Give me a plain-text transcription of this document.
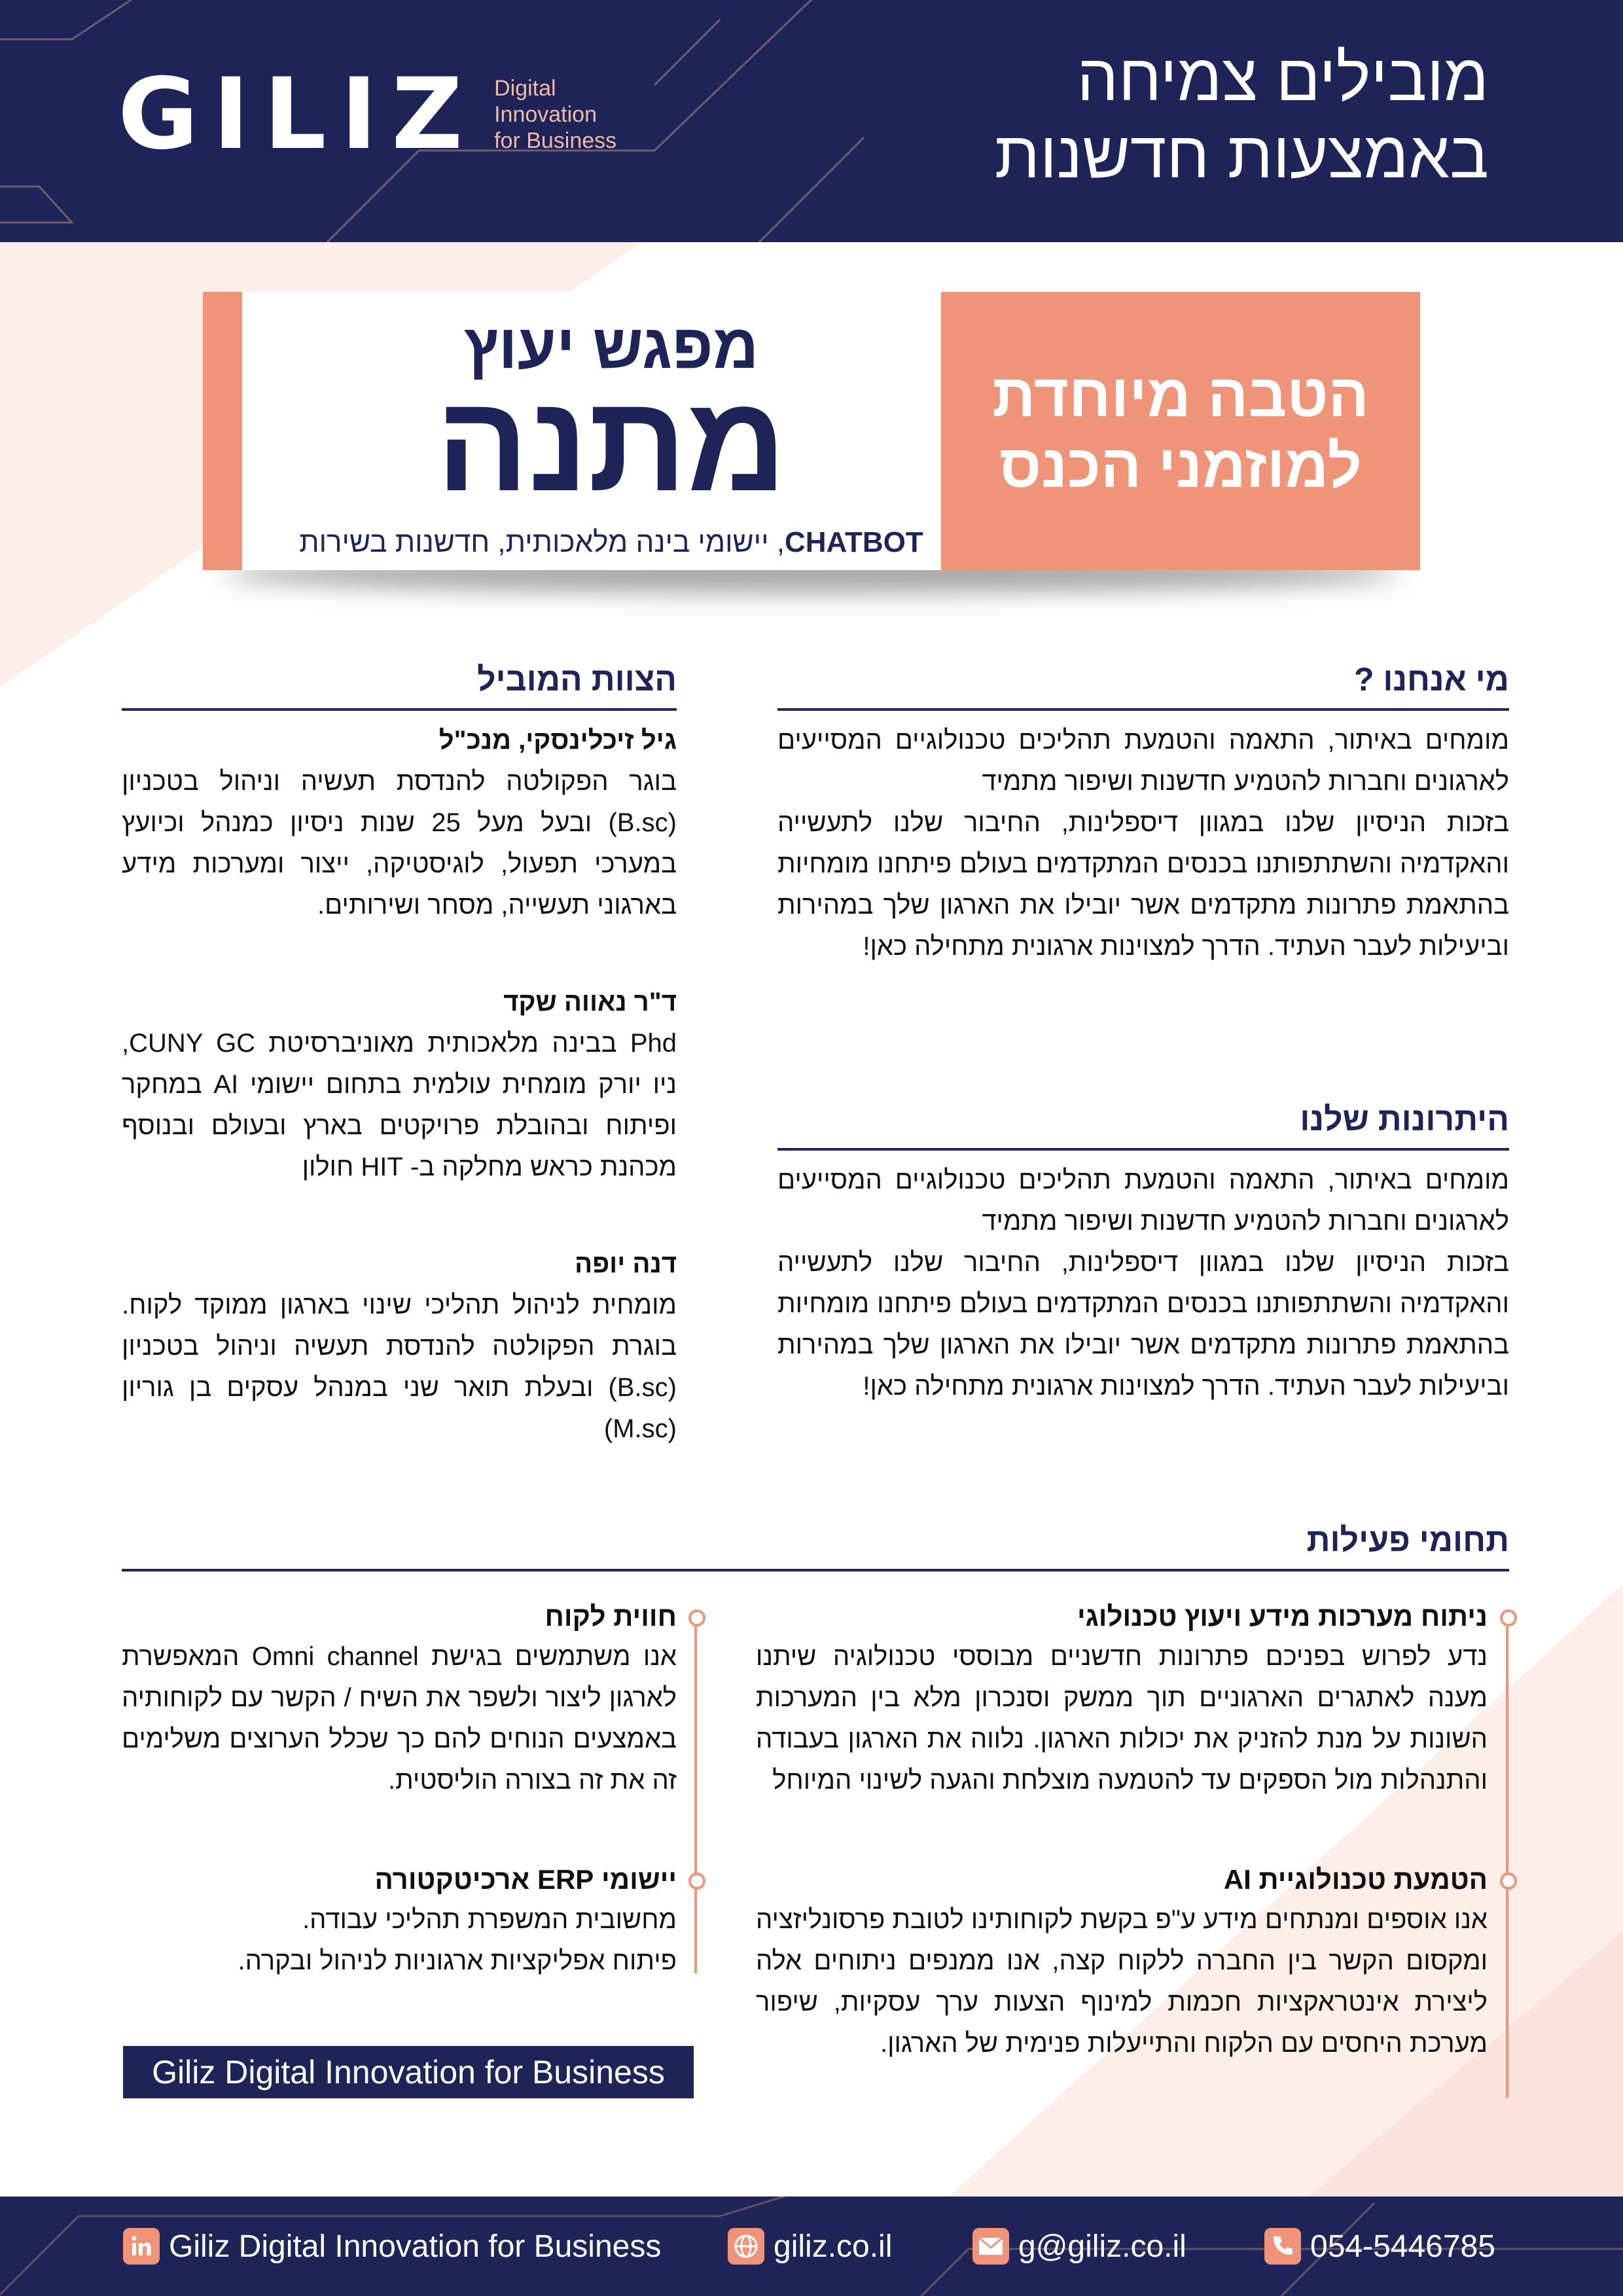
GILIZ Digital
Innovation
for Business
מובילים צמיחה
באמצעות חדשנות
מפגש יעוץ
מתנה
CHATBOT, יישומי בינה מלאכותית, חדשנות בשירות
הטבה מיוחדת
למוזמני הכנס
מי אנחנו ?
מומחים באיתור, התאמה והטמעת תהליכים טכנולוגיים המסייעים לארגונים וחברות להטמיע חדשנות ושיפור מתמיד
בזכות הניסיון שלנו במגוון דיספלינות, החיבור שלנו לתעשייה והאקדמיה והשתתפותנו בכנסים המתקדמים בעולם פיתחנו מומחיות בהתאמת פתרונות מתקדמים אשר יובילו את הארגון שלך במהירות וביעילות לעבר העתיד. הדרך למצוינות ארגונית מתחילה כאן!
היתרונות שלנו
מומחים באיתור, התאמה והטמעת תהליכים טכנולוגיים המסייעים לארגונים וחברות להטמיע חדשנות ושיפור מתמיד
בזכות הניסיון שלנו במגוון דיספלינות, החיבור שלנו לתעשייה והאקדמיה והשתתפותנו בכנסים המתקדמים בעולם פיתחנו מומחיות בהתאמת פתרונות מתקדמים אשר יובילו את הארגון שלך במהירות וביעילות לעבר העתיד. הדרך למצוינות ארגונית מתחילה כאן!
הצוות המוביל
גיל זיכלינסקי, מנכ"ל
בוגר הפקולטה להנדסת תעשיה וניהול בטכניון (B.sc) ובעל מעל 25 שנות ניסיון כמנהל וכיועץ במערכי תפעול, לוגיסטיקה, ייצור ומערכות מידע בארגוני תעשייה, מסחר ושירותים.
ד"ר נאווה שקד
Phd בבינה מלאכותית מאוניברסיטת CUNY GC, ניו יורק מומחית עולמית בתחום יישומי AI במחקר ופיתוח ובהובלת פרויקטים בארץ ובעולם ובנוסף מכהנת כראש מחלקה ב- HIT חולון
דנה יופה
מומחית לניהול תהליכי שינוי בארגון ממוקד לקוח. בוגרת הפקולטה להנדסת תעשיה וניהול בטכניון (B.sc) ובעלת תואר שני במנהל עסקים בן גוריון (M.sc)
תחומי פעילות
ניתוח מערכות מידע ויעוץ טכנולוגי
נדע לפרוש בפניכם פתרונות חדשניים מבוססי טכנולוגיה שיתנו מענה לאתגרים הארגוניים תוך ממשק וסנכרון מלא בין המערכות השונות על מנת להזניק את יכולות הארגון. נלווה את הארגון בעבודה והתנהלות מול הספקים עד להטמעה מוצלחת והגעה לשינוי המיוחל
הטמעת טכנולוגיית AI
אנו אוספים ומנתחים מידע ע"פ בקשת לקוחותינו לטובת פרסונליזציה ומקסום הקשר בין החברה ללקוח קצה, אנו ממנפים ניתוחים אלה ליצירת אינטראקציות חכמות למינוף הצעות ערך עסקיות, שיפור מערכת היחסים עם הלקוח והתייעלות פנימית של הארגון.
חווית לקוח
אנו משתמשים בגישת Omni channel המאפשרת לארגון ליצור ולשפר את השיח / הקשר עם לקוחותיה באמצעים הנוחים להם כך שכלל הערוצים משלימים זה את זה בצורה הוליסטית.
יישומי ERP ארכיטקטורה
מחשובית המשפרת תהליכי עבודה.
פיתוח אפליקציות ארגוניות לניהול ובקרה.
Giliz Digital Innovation for Business
Giliz Digital Innovation for Business	giliz.co.il	g@giliz.co.il	054-5446785
